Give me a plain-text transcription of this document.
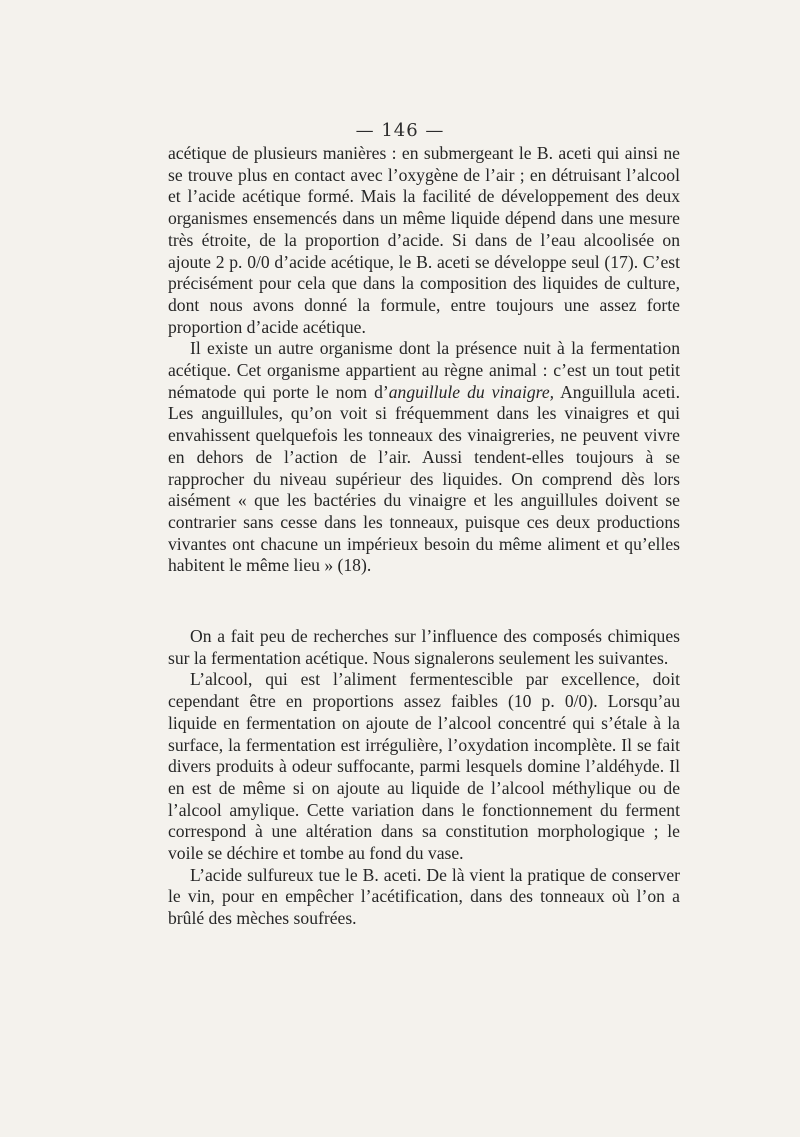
— 146 —

acétique de plusieurs manières : en submergeant le B. aceti qui ainsi ne se trouve plus en contact avec l’oxygène de l’air ; en détruisant l’alcool et l’acide acétique formé. Mais la facilité de développement des deux organismes ensemencés dans un même liquide dépend dans une mesure très étroite, de la proportion d’acide. Si dans de l’eau alcoolisée on ajoute 2 p. 0/0 d’acide acétique, le B. aceti se développe seul (17). C’est précisément pour cela que dans la composition des liquides de culture, dont nous avons donné la formule, entre toujours une assez forte proportion d’acide acétique.

Il existe un autre organisme dont la présence nuit à la fermentation acétique. Cet organisme appartient au règne animal : c’est un tout petit nématode qui porte le nom d’anguillule du vinaigre, Anguillula aceti. Les anguillules, qu’on voit si fréquemment dans les vinaigres et qui envahissent quelquefois les tonneaux des vinaigreries, ne peuvent vivre en dehors de l’action de l’air. Aussi tendent-elles toujours à se rapprocher du niveau supérieur des liquides. On comprend dès lors aisément « que les bactéries du vinaigre et les anguillules doivent se contrarier sans cesse dans les tonneaux, puisque ces deux productions vivantes ont chacune un impérieux besoin du même aliment et qu’elles habitent le même lieu » (18).

On a fait peu de recherches sur l’influence des composés chimiques sur la fermentation acétique. Nous signalerons seulement les suivantes.

L’alcool, qui est l’aliment fermentescible par excellence, doit cependant être en proportions assez faibles (10 p. 0/0). Lorsqu’au liquide en fermentation on ajoute de l’alcool concentré qui s’étale à la surface, la fermentation est irrégulière, l’oxydation incomplète. Il se fait divers produits à odeur suffocante, parmi lesquels domine l’aldéhyde. Il en est de même si on ajoute au liquide de l’alcool méthylique ou de l’alcool amylique. Cette variation dans le fonctionnement du ferment correspond à une altération dans sa constitution morphologique ; le voile se déchire et tombe au fond du vase.

L’acide sulfureux tue le B. aceti. De là vient la pratique de conserver le vin, pour en empêcher l’acétification, dans des tonneaux où l’on a brûlé des mèches soufrées.
